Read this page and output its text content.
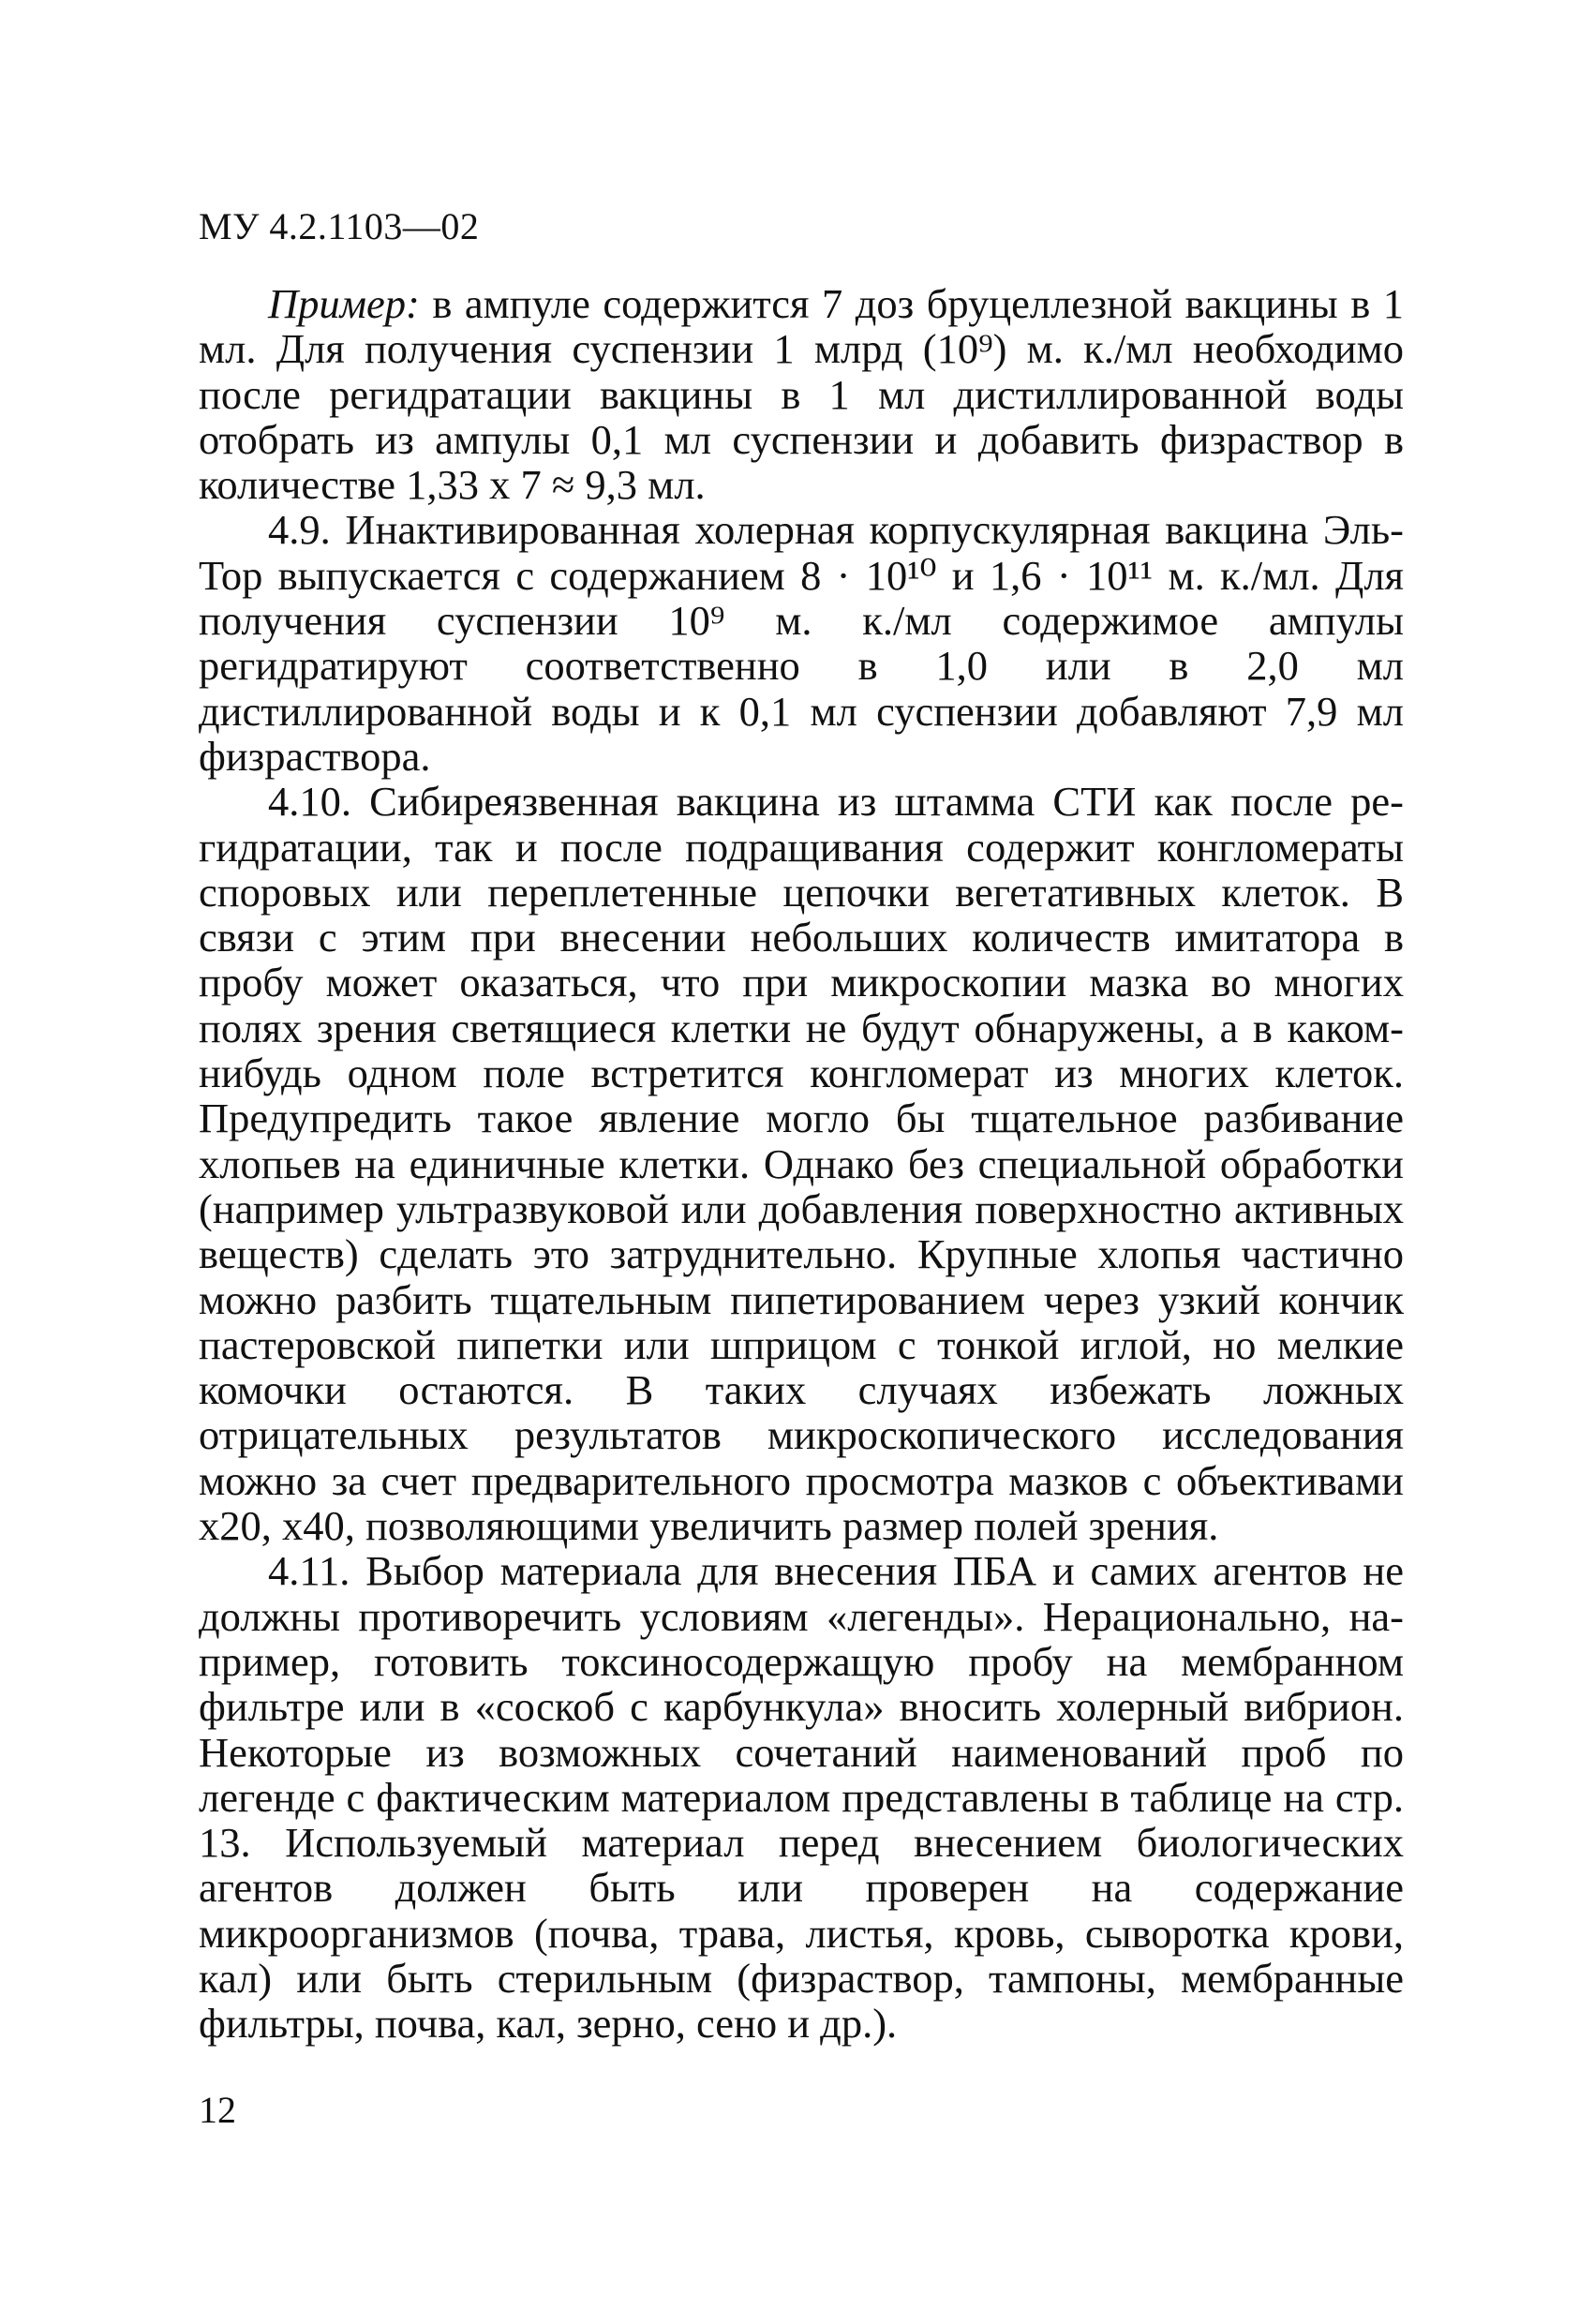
МУ 4.2.1103—02

Пример: в ампуле содержится 7 доз бруцеллезной вакцины в 1 мл. Для получения суспензии 1 млрд (10⁹) м. к./мл необходимо после регидратации вакцины в 1 мл дистиллированной воды отобрать из ампулы 0,1 мл суспензии и добавить физраствор в количестве 1,33 х 7 ≈ 9,3 мл.

4.9. Инактивированная холерная корпускулярная вакцина Эль-Тор выпускается с содержанием 8 · 10¹⁰ и 1,6 · 10¹¹ м. к./мл. Для получения суспензии 10⁹ м. к./мл содержимое ампулы регидратируют соответственно в 1,0 или в 2,0 мл дистиллированной воды и к 0,1 мл суспензии добавляют 7,9 мл физраствора.

4.10. Сибиреязвенная вакцина из штамма СТИ как после регидратации, так и после подращивания содержит конгломераты споровых или переплетенные цепочки вегетативных клеток. В связи с этим при внесении небольших количеств имитатора в пробу может оказаться, что при микроскопии мазка во многих полях зрения светящиеся клетки не будут обнаружены, а в каком-нибудь одном поле встретится конгломерат из многих клеток. Предупредить такое явление могло бы тщательное разбивание хлопьев на единичные клетки. Однако без специальной обработки (например ультразвуковой или добавления поверхностно активных веществ) сделать это затруднительно. Крупные хлопья частично можно разбить тщательным пипетированием через узкий кончик пастеровской пипетки или шприцом с тонкой иглой, но мелкие комочки остаются. В таких случаях избежать ложных отрицательных результатов микроскопического исследования можно за счет предварительного просмотра мазков с объективами х20, х40, позволяющими увеличить размер полей зрения.

4.11. Выбор материала для внесения ПБА и самих агентов не должны противоречить условиям «легенды». Нерационально, например, готовить токсиносодержащую пробу на мембранном фильтре или в «соскоб с карбункула» вносить холерный вибрион. Некоторые из возможных сочетаний наименований проб по легенде с фактическим материалом представлены в таблице на стр. 13. Используемый материал перед внесением биологических агентов должен быть или проверен на содержание микроорганизмов (почва, трава, листья, кровь, сыворотка крови, кал) или быть стерильным (физраствор, тампоны, мембранные фильтры, почва, кал, зерно, сено и др.).

12
